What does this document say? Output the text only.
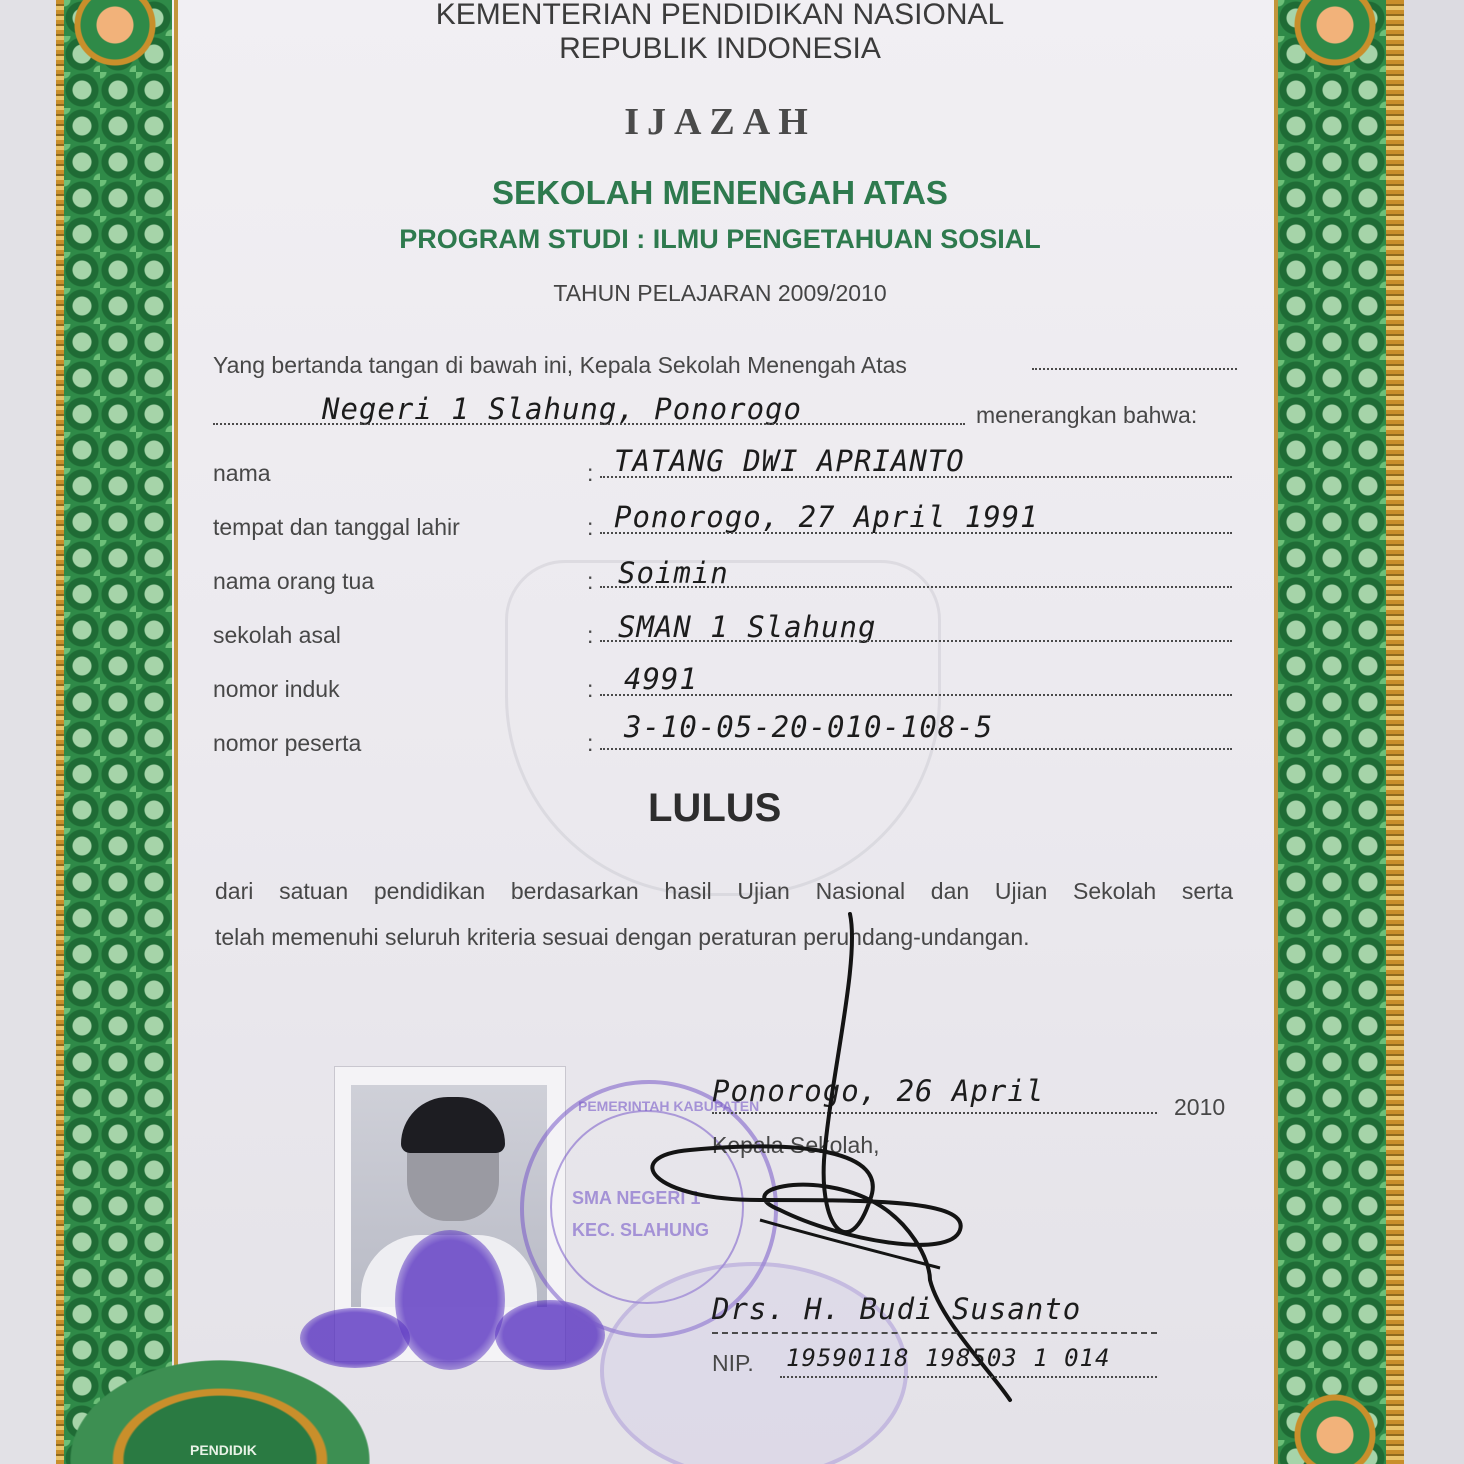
KEMENTERIAN PENDIDIKAN NASIONAL
REPUBLIK INDONESIA
IJAZAH
SEKOLAH MENENGAH ATAS
PROGRAM STUDI : ILMU PENGETAHUAN SOSIAL
TAHUN PELAJARAN 2009/2010
Yang bertanda tangan di bawah ini, Kepala Sekolah Menengah Atas
Negeri 1 Slahung, Ponorogo	menerangkan bahwa:
nama	: TATANG DWI APRIANTO
tempat dan tanggal lahir	: Ponorogo, 27 April 1991
nama orang tua	: Soimin
sekolah asal	: SMAN 1 Slahung
nomor induk	: 4991
nomor peserta	: 3-10-05-20-010-108-5
LULUS
dari satuan pendidikan berdasarkan hasil Ujian Nasional dan Ujian Sekolah serta
telah memenuhi seluruh kriteria sesuai dengan peraturan perundang-undangan.
PEMERINTAH KABUPATEN
SMA NEGERI 1
KEC. SLAHUNG
Ponorogo, 26 April	2010
Kepala Sekolah,
Drs. H. Budi Susanto
NIP. 19590118 198503 1 014
PENDIDIK
